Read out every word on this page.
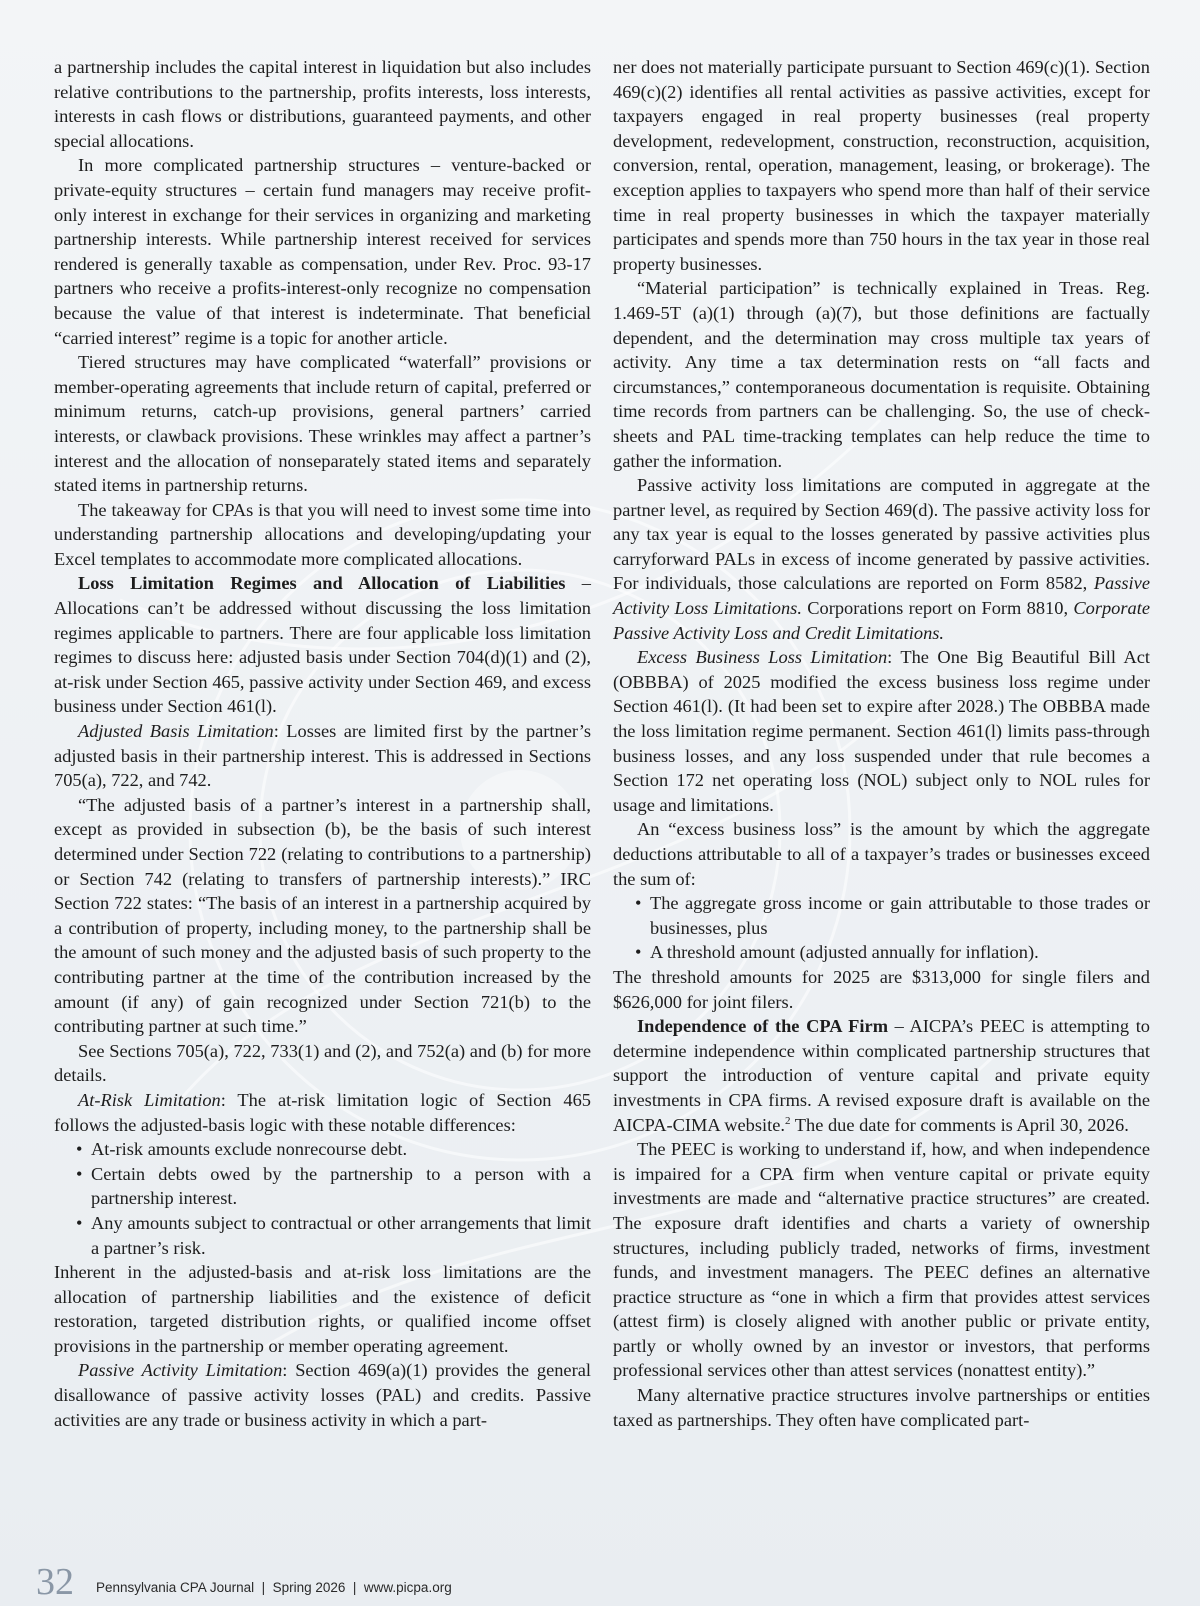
a partnership includes the capital interest in liquidation but also includes relative contributions to the partnership, profits interests, loss interests, interests in cash flows or distributions, guaranteed payments, and other special allocations.

In more complicated partnership structures – venture-backed or private-equity structures – certain fund managers may receive profit-only interest in exchange for their services in organizing and marketing partnership interests. While partnership interest received for services rendered is generally taxable as compensation, under Rev. Proc. 93-17 partners who receive a profits-interest-only recognize no compensation because the value of that interest is indeterminate. That beneficial “carried interest” regime is a topic for another article.

Tiered structures may have complicated “waterfall” provisions or member-operating agreements that include return of capital, preferred or minimum returns, catch-up provisions, general partners’ carried interests, or clawback provisions. These wrinkles may affect a partner’s interest and the allocation of nonseparately stated items and separately stated items in partnership returns.

The takeaway for CPAs is that you will need to invest some time into understanding partnership allocations and developing/updating your Excel templates to accommodate more complicated allocations.

Loss Limitation Regimes and Allocation of Liabilities – Allocations can’t be addressed without discussing the loss limitation regimes applicable to partners. There are four applicable loss limitation regimes to discuss here: adjusted basis under Section 704(d)(1) and (2), at-risk under Section 465, passive activity under Section 469, and excess business under Section 461(l).

Adjusted Basis Limitation: Losses are limited first by the partner’s adjusted basis in their partnership interest. This is addressed in Sections 705(a), 722, and 742.

“The adjusted basis of a partner’s interest in a partnership shall, except as provided in subsection (b), be the basis of such interest determined under Section 722 (relating to contributions to a partnership) or Section 742 (relating to transfers of partnership interests).” IRC Section 722 states: “The basis of an interest in a partnership acquired by a contribution of property, including money, to the partnership shall be the amount of such money and the adjusted basis of such property to the contributing partner at the time of the contribution increased by the amount (if any) of gain recognized under Section 721(b) to the contributing partner at such time.”

See Sections 705(a), 722, 733(1) and (2), and 752(a) and (b) for more details.

At-Risk Limitation: The at-risk limitation logic of Section 465 follows the adjusted-basis logic with these notable differences:

• At-risk amounts exclude nonrecourse debt.
• Certain debts owed by the partnership to a person with a partnership interest.
• Any amounts subject to contractual or other arrangements that limit a partner’s risk.

Inherent in the adjusted-basis and at-risk loss limitations are the allocation of partnership liabilities and the existence of deficit restoration, targeted distribution rights, or qualified income offset provisions in the partnership or member operating agreement.

Passive Activity Limitation: Section 469(a)(1) provides the general disallowance of passive activity losses (PAL) and credits. Passive activities are any trade or business activity in which a part-

ner does not materially participate pursuant to Section 469(c)(1). Section 469(c)(2) identifies all rental activities as passive activities, except for taxpayers engaged in real property businesses (real property development, redevelopment, construction, reconstruction, acquisition, conversion, rental, operation, management, leasing, or brokerage). The exception applies to taxpayers who spend more than half of their service time in real property businesses in which the taxpayer materially participates and spends more than 750 hours in the tax year in those real property businesses.

“Material participation” is technically explained in Treas. Reg. 1.469-5T (a)(1) through (a)(7), but those definitions are factually dependent, and the determination may cross multiple tax years of activity. Any time a tax determination rests on “all facts and circumstances,” contemporaneous documentation is requisite. Obtaining time records from partners can be challenging. So, the use of check-sheets and PAL time-tracking templates can help reduce the time to gather the information.

Passive activity loss limitations are computed in aggregate at the partner level, as required by Section 469(d). The passive activity loss for any tax year is equal to the losses generated by passive activities plus carryforward PALs in excess of income generated by passive activities. For individuals, those calculations are reported on Form 8582, Passive Activity Loss Limitations. Corporations report on Form 8810, Corporate Passive Activity Loss and Credit Limitations.

Excess Business Loss Limitation: The One Big Beautiful Bill Act (OBBBA) of 2025 modified the excess business loss regime under Section 461(l). (It had been set to expire after 2028.) The OBBBA made the loss limitation regime permanent. Section 461(l) limits pass-through business losses, and any loss suspended under that rule becomes a Section 172 net operating loss (NOL) subject only to NOL rules for usage and limitations.

An “excess business loss” is the amount by which the aggregate deductions attributable to all of a taxpayer’s trades or businesses exceed the sum of:

• The aggregate gross income or gain attributable to those trades or businesses, plus
• A threshold amount (adjusted annually for inflation).

The threshold amounts for 2025 are $313,000 for single filers and $626,000 for joint filers.

Independence of the CPA Firm – AICPA’s PEEC is attempting to determine independence within complicated partnership structures that support the introduction of venture capital and private equity investments in CPA firms. A revised exposure draft is available on the AICPA-CIMA website.$^2$ The due date for comments is April 30, 2026.

The PEEC is working to understand if, how, and when independence is impaired for a CPA firm when venture capital or private equity investments are made and “alternative practice structures” are created. The exposure draft identifies and charts a variety of ownership structures, including publicly traded, networks of firms, investment funds, and investment managers. The PEEC defines an alternative practice structure as “one in which a firm that provides attest services (attest firm) is closely aligned with another public or private entity, partly or wholly owned by an investor or investors, that performs professional services other than attest services (nonattest entity).”

Many alternative practice structures involve partnerships or entities taxed as partnerships. They often have complicated part-

32 Pennsylvania CPA Journal  |  Spring 2026  |  www.picpa.org
